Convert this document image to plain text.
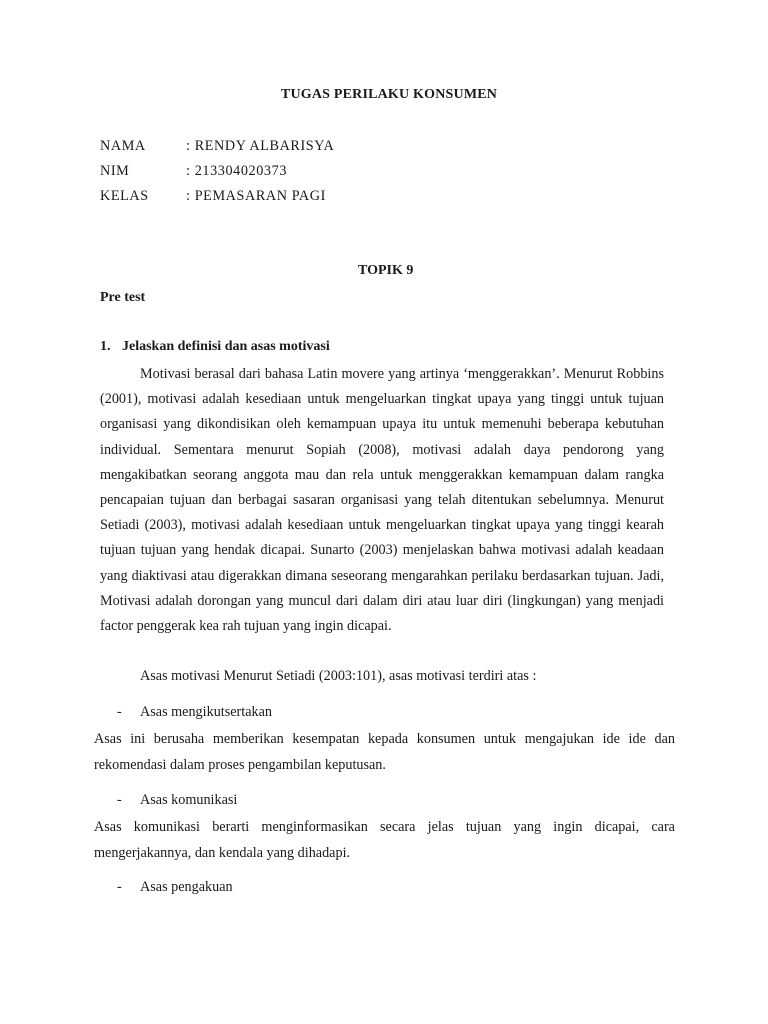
TUGAS PERILAKU KONSUMEN
NAMA	: RENDY ALBARISYA
NIM	: 213304020373
KELAS	: PEMASARAN PAGI
TOPIK 9
Pre test
1. Jelaskan definisi dan asas motivasi
Motivasi berasal dari bahasa Latin movere yang artinya ‘menggerakkan’. Menurut Robbins (2001), motivasi adalah kesediaan untuk mengeluarkan tingkat upaya yang tinggi untuk tujuan organisasi yang dikondisikan oleh kemampuan upaya itu untuk memenuhi beberapa kebutuhan individual. Sementara menurut Sopiah (2008), motivasi adalah daya pendorong yang mengakibatkan seorang anggota mau dan rela untuk menggerakkan kemampuan dalam rangka pencapaian tujuan dan berbagai sasaran organisasi yang telah ditentukan sebelumnya. Menurut Setiadi (2003), motivasi adalah kesediaan untuk mengeluarkan tingkat upaya yang tinggi kearah tujuan tujuan yang hendak dicapai. Sunarto (2003) menjelaskan bahwa motivasi adalah keadaan yang diaktivasi atau digerakkan dimana seseorang mengarahkan perilaku berdasarkan tujuan. Jadi, Motivasi adalah dorongan yang muncul dari dalam diri atau luar diri (lingkungan) yang menjadi factor penggerak kea rah tujuan yang ingin dicapai.
Asas motivasi Menurut Setiadi (2003:101), asas motivasi terdiri atas :
- Asas mengikutsertakan
Asas ini berusaha memberikan kesempatan kepada konsumen untuk mengajukan ide ide dan rekomendasi dalam proses pengambilan keputusan.
- Asas komunikasi
Asas komunikasi berarti menginformasikan secara jelas tujuan yang ingin dicapai, cara mengerjakannya, dan kendala yang dihadapi.
- Asas pengakuan
